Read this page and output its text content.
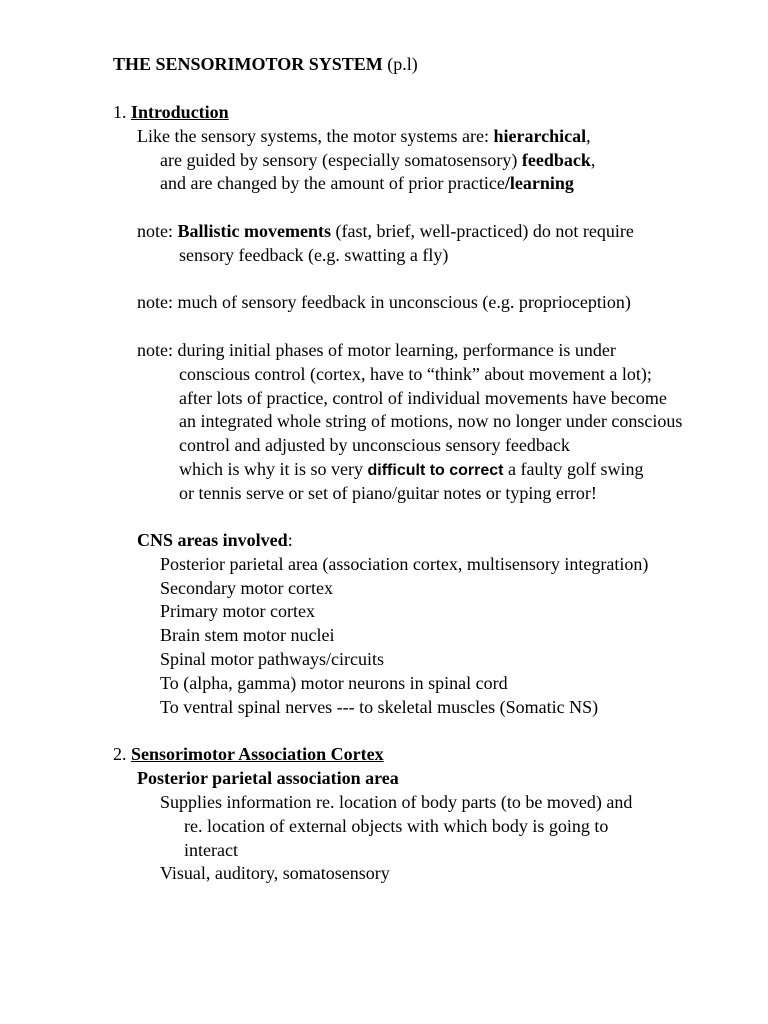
THE SENSORIMOTOR SYSTEM (p.l)
1. Introduction
Like the sensory systems, the motor systems are: hierarchical,
are guided by sensory (especially somatosensory) feedback,
and are changed by the amount of prior practice/learning
note: Ballistic movements (fast, brief, well-practiced) do not require
sensory feedback (e.g. swatting a fly)
note: much of sensory feedback in unconscious (e.g. proprioception)
note: during initial phases of motor learning, performance is under
conscious control (cortex, have to “think” about movement a lot);
after lots of practice, control of individual movements have become
an integrated whole string of motions, now no longer under conscious
control and adjusted by unconscious sensory feedback
which is why it is so very difficult to correct a faulty golf swing
or tennis serve or set of piano/guitar notes or typing error!
CNS areas involved:
Posterior parietal area (association cortex, multisensory integration)
Secondary motor cortex
Primary motor cortex
Brain stem motor nuclei
Spinal motor pathways/circuits
To (alpha, gamma) motor neurons in spinal cord
To ventral spinal nerves --- to skeletal muscles (Somatic NS)
2. Sensorimotor Association Cortex
Posterior parietal association area
Supplies information re. location of body parts (to be moved) and
re. location of external objects with which body is going to
interact
Visual, auditory, somatosensory
